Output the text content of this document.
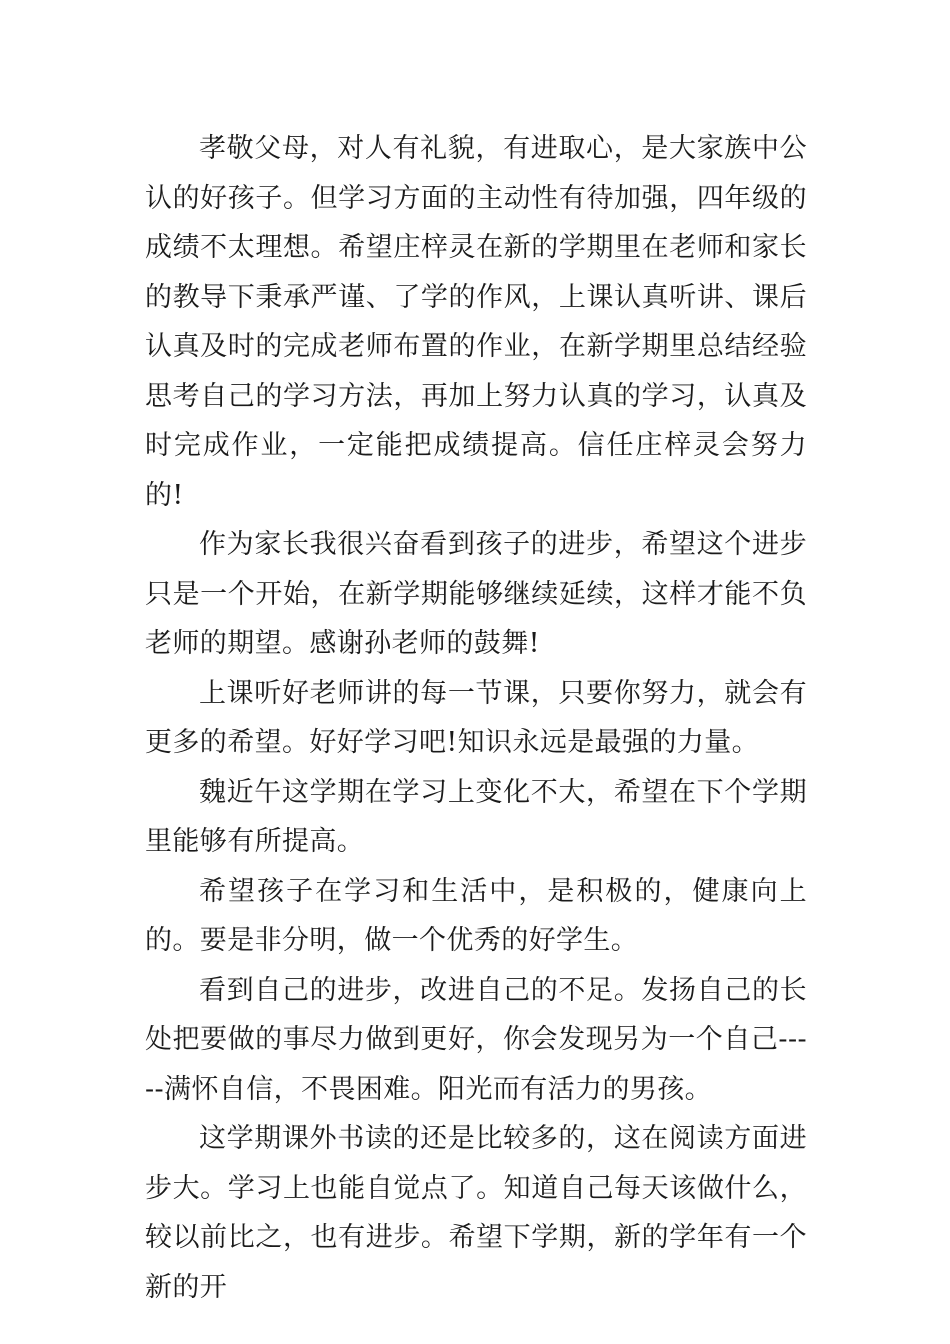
孝敬父母，对人有礼貌，有进取心，是大家族中公认的好孩子。但学习方面的主动性有待加强，四年级的成绩不太理想。希望庄梓灵在新的学期里在老师和家长的教导下秉承严谨、了学的作风，上课认真听讲、课后认真及时的完成老师布置的作业，在新学期里总结经验思考自己的学习方法，再加上努力认真的学习，认真及时完成作业，一定能把成绩提高。信任庄梓灵会努力的!

作为家长我很兴奋看到孩子的进步，希望这个进步只是一个开始，在新学期能够继续延续，这样才能不负老师的期望。感谢孙老师的鼓舞!

上课听好老师讲的每一节课，只要你努力，就会有更多的希望。好好学习吧!知识永远是最强的力量。

魏近午这学期在学习上变化不大，希望在下个学期里能够有所提高。

希望孩子在学习和生活中，是积极的，健康向上的。要是非分明，做一个优秀的好学生。

看到自己的进步，改进自己的不足。发扬自己的长处把要做的事尽力做到更好，你会发现另为一个自己-----满怀自信，不畏困难。阳光而有活力的男孩。

这学期课外书读的还是比较多的，这在阅读方面进步大。学习上也能自觉点了。知道自己每天该做什么，较以前比之，也有进步。希望下学期，新的学年有一个新的开
